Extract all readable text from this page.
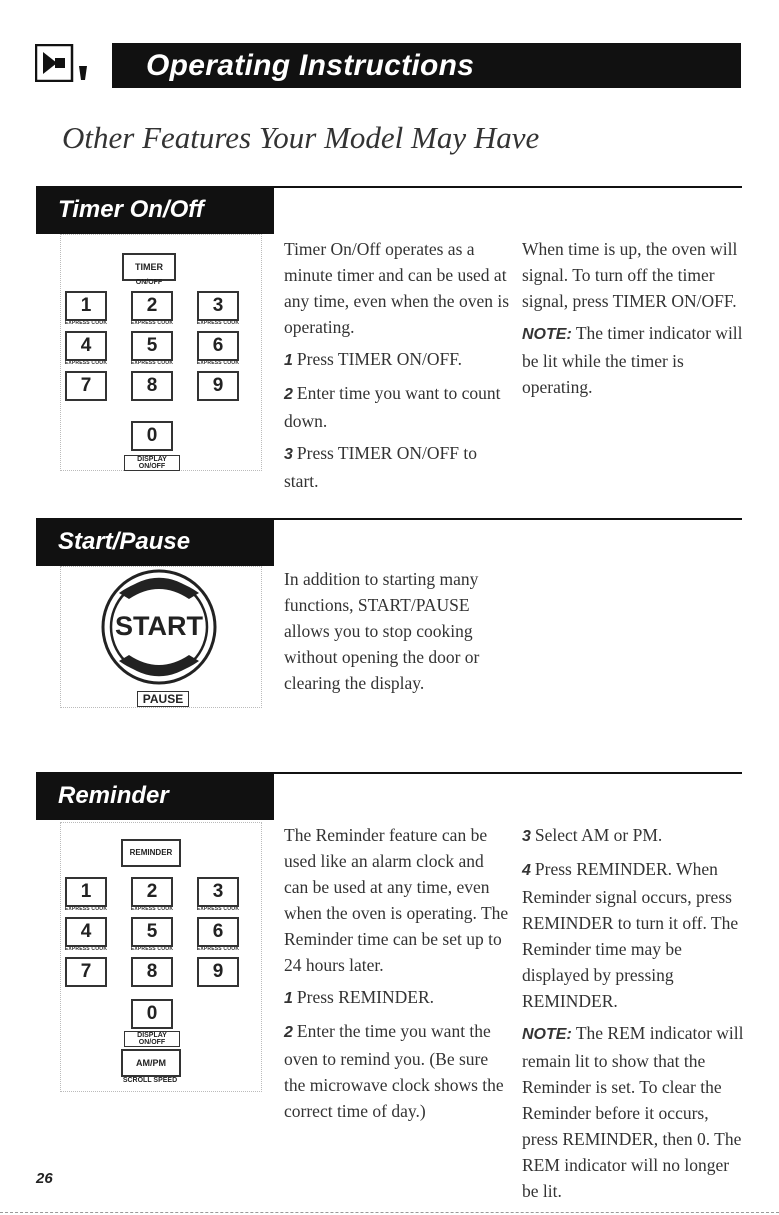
Operating Instructions
Other Features Your Model May Have
Timer On/Off
TIMER
ON/OFF
1	2	3
EXPRESS COOK	EXPRESS COOK	EXPRESS COOK
4	5	6
EXPRESS COOK	EXPRESS COOK	EXPRESS COOK
7	8	9
0
DISPLAY ON/OFF

Timer On/Off operates as a minute timer and can be used at any time, even when the oven is operating.

1 Press TIMER ON/OFF.

2 Enter time you want to count down.

3 Press TIMER ON/OFF to start.

When time is up, the oven will signal. To turn off the timer signal, press TIMER ON/OFF.

NOTE: The timer indicator will be lit while the timer is operating.

Start/Pause
START
PAUSE
In addition to starting many functions, START/PAUSE allows you to stop cooking without opening the door or clearing the display.
Reminder
REMINDER
1	2	3
EXPRESS COOK	EXPRESS COOK	EXPRESS COOK
4	5	6
EXPRESS COOK	EXPRESS COOK	EXPRESS COOK
7	8	9
0
DISPLAY ON/OFF
AM/PM
SCROLL SPEED

The Reminder feature can be used like an alarm clock and can be used at any time, even when the oven is operating. The Reminder time can be set up to 24 hours later.

1 Press REMINDER.

2 Enter the time you want the oven to remind you. (Be sure the microwave clock shows the correct time of day.)

3 Select AM or PM.

4 Press REMINDER. When Reminder signal occurs, press REMINDER to turn it off. The Reminder time may be displayed by pressing REMINDER.

NOTE: The REM indicator will remain lit to show that the Reminder is set. To clear the Reminder before it occurs, press REMINDER, then 0. The REM indicator will no longer be lit.

26
